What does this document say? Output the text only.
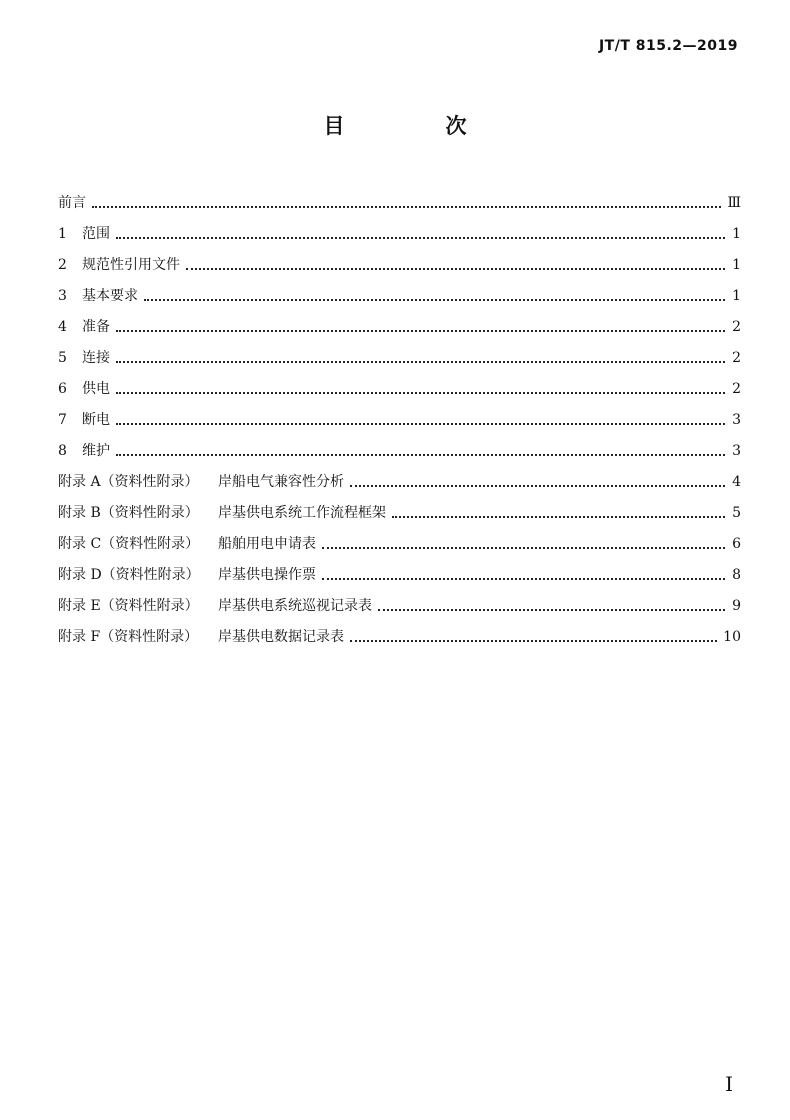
JT/T 815.2—2019
目　次
前言	Ⅲ
1 范围	1
2 规范性引用文件	1
3 基本要求	1
4 准备	2
5 连接	2
6 供电	2
7 断电	3
8 维护	3
附录 A（资料性附录） 岸船电气兼容性分析	4
附录 B（资料性附录） 岸基供电系统工作流程框架	5
附录 C（资料性附录） 船舶用电申请表	6
附录 D（资料性附录） 岸基供电操作票	8
附录 E（资料性附录） 岸基供电系统巡视记录表	9
附录 F（资料性附录） 岸基供电数据记录表	10
I
